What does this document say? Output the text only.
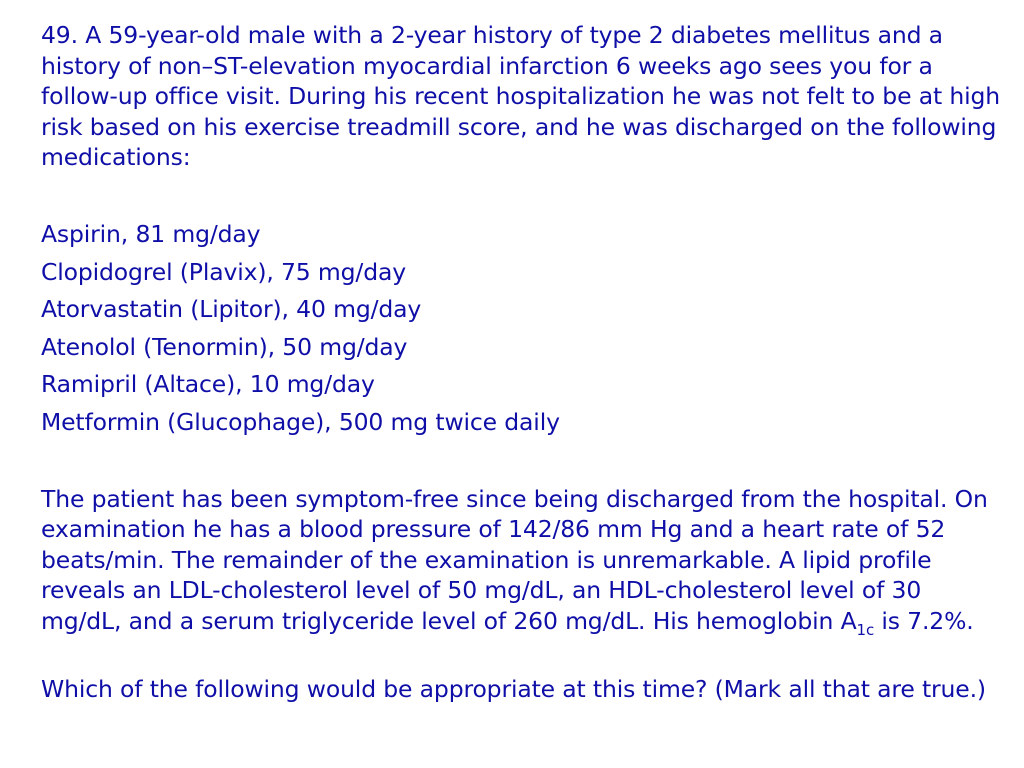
49. A 59-year-old male with a 2-year history of type 2 diabetes mellitus and a history of non–ST-elevation myocardial infarction 6 weeks ago sees you for a follow-up office visit. During his recent hospitalization he was not felt to be at high risk based on his exercise treadmill score, and he was discharged on the following medications:

Aspirin, 81 mg/day
Clopidogrel (Plavix), 75 mg/day
Atorvastatin (Lipitor), 40 mg/day
Atenolol (Tenormin), 50 mg/day
Ramipril (Altace), 10 mg/day
Metformin (Glucophage), 500 mg twice daily

The patient has been symptom-free since being discharged from the hospital. On examination he has a blood pressure of 142/86 mm Hg and a heart rate of 52 beats/min. The remainder of the examination is unremarkable. A lipid profile reveals an LDL-cholesterol level of 50 mg/dL, an HDL-cholesterol level of 30 mg/dL, and a serum triglyceride level of 260 mg/dL. His hemoglobin $A_{1c}$ is 7.2%.

Which of the following would be appropriate at this time? (Mark all that are true.)
